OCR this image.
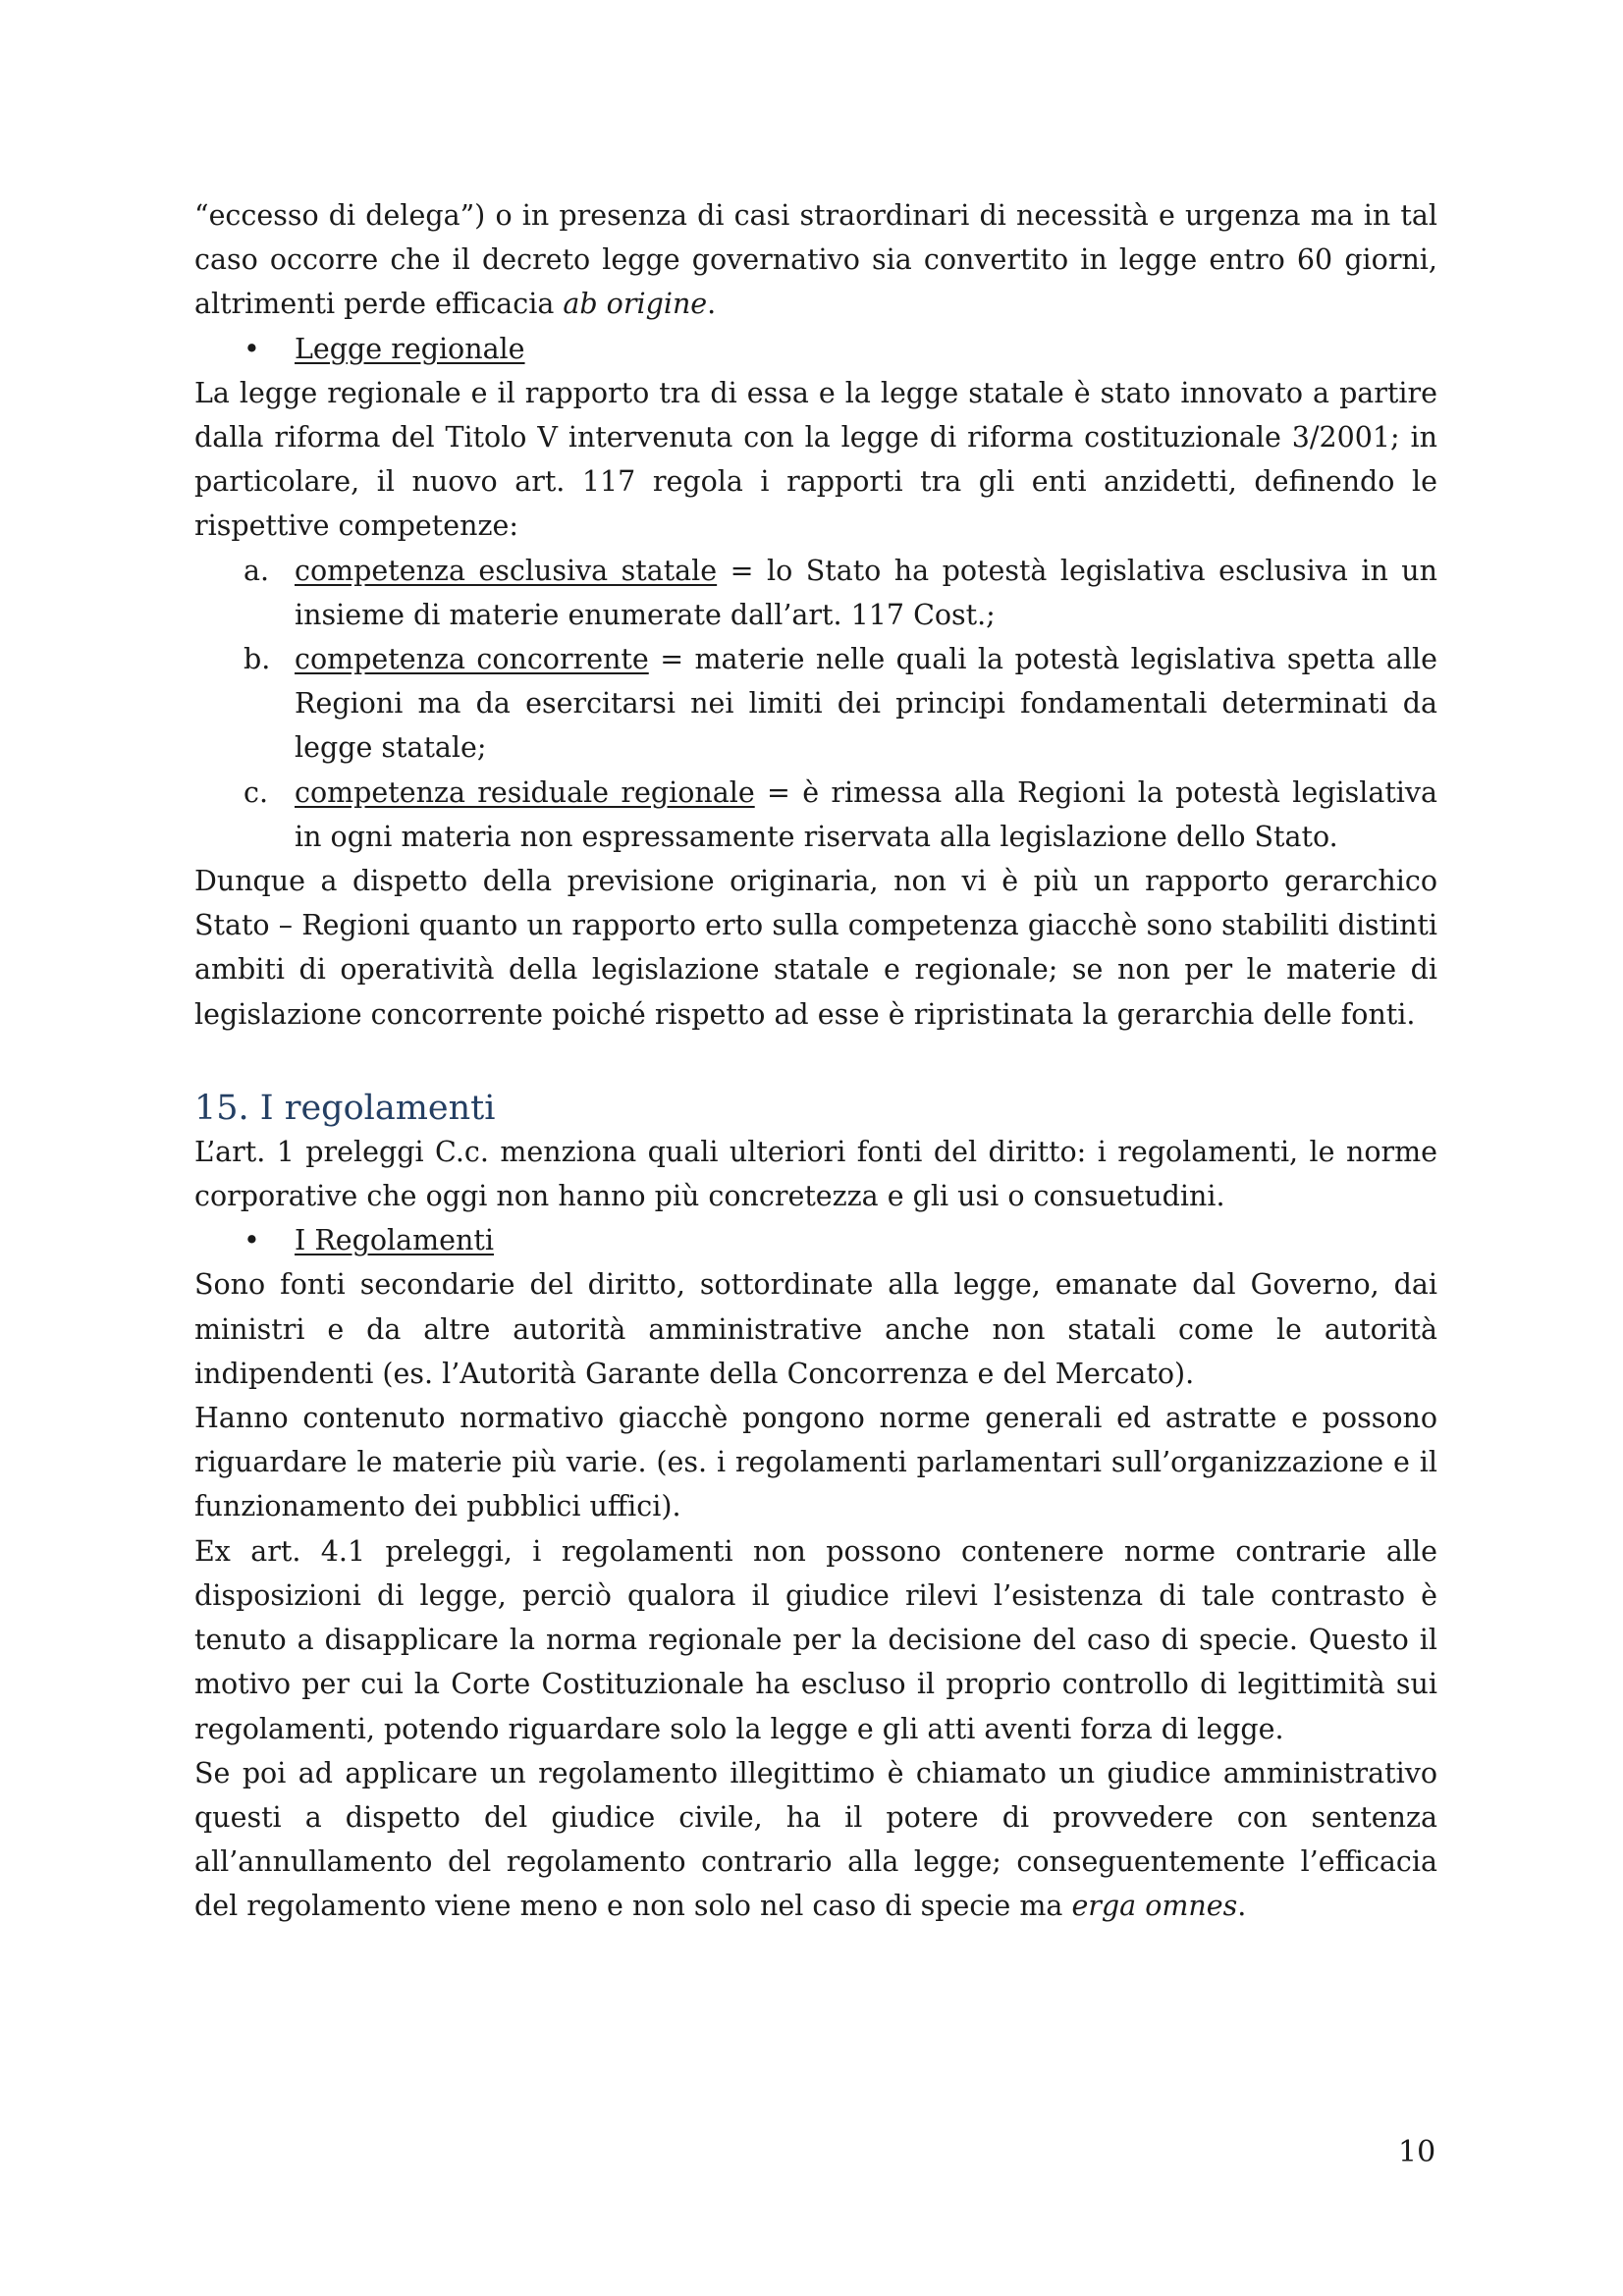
“eccesso di delega”) o in presenza di casi straordinari di necessità e urgenza ma in tal caso occorre che il decreto legge governativo sia convertito in legge entro 60 giorni, altrimenti perde efficacia ab origine.

• Legge regionale

La legge regionale e il rapporto tra di essa e la legge statale è stato innovato a partire dalla riforma del Titolo V intervenuta con la legge di riforma costituzionale 3/2001; in particolare, il nuovo art. 117 regola i rapporti tra gli enti anzidetti, definendo le rispettive competenze:

a. competenza esclusiva statale = lo Stato ha potestà legislativa esclusiva in un insieme di materie enumerate dall’art. 117 Cost.;
b. competenza concorrente = materie nelle quali la potestà legislativa spetta alle Regioni ma da esercitarsi nei limiti dei principi fondamentali determinati da legge statale;
c. competenza residuale regionale = è rimessa alla Regioni la potestà legislativa in ogni materia non espressamente riservata alla legislazione dello Stato.

Dunque a dispetto della previsione originaria, non vi è più un rapporto gerarchico Stato – Regioni quanto un rapporto erto sulla competenza giacchè sono stabiliti distinti ambiti di operatività della legislazione statale e regionale; se non per le materie di legislazione concorrente poiché rispetto ad esse è ripristinata la gerarchia delle fonti.

15. I regolamenti

L’art. 1 preleggi C.c. menziona quali ulteriori fonti del diritto: i regolamenti, le norme corporative che oggi non hanno più concretezza e gli usi o consuetudini.

• I Regolamenti

Sono fonti secondarie del diritto, sottordinate alla legge, emanate dal Governo, dai ministri e da altre autorità amministrative anche non statali come le autorità indipendenti (es. l’Autorità Garante della Concorrenza e del Mercato).

Hanno contenuto normativo giacchè pongono norme generali ed astratte e possono riguardare le materie più varie. (es. i regolamenti parlamentari sull’organizzazione e il funzionamento dei pubblici uffici).

Ex art. 4.1 preleggi, i regolamenti non possono contenere norme contrarie alle disposizioni di legge, perciò qualora il giudice rilevi l’esistenza di tale contrasto è tenuto a disapplicare la norma regionale per la decisione del caso di specie. Questo il motivo per cui la Corte Costituzionale ha escluso il proprio controllo di legittimità sui regolamenti, potendo riguardare solo la legge e gli atti aventi forza di legge.

Se poi ad applicare un regolamento illegittimo è chiamato un giudice amministrativo questi a dispetto del giudice civile, ha il potere di provvedere con sentenza all’annullamento del regolamento contrario alla legge; conseguentemente l’efficacia del regolamento viene meno e non solo nel caso di specie ma erga omnes.

10
